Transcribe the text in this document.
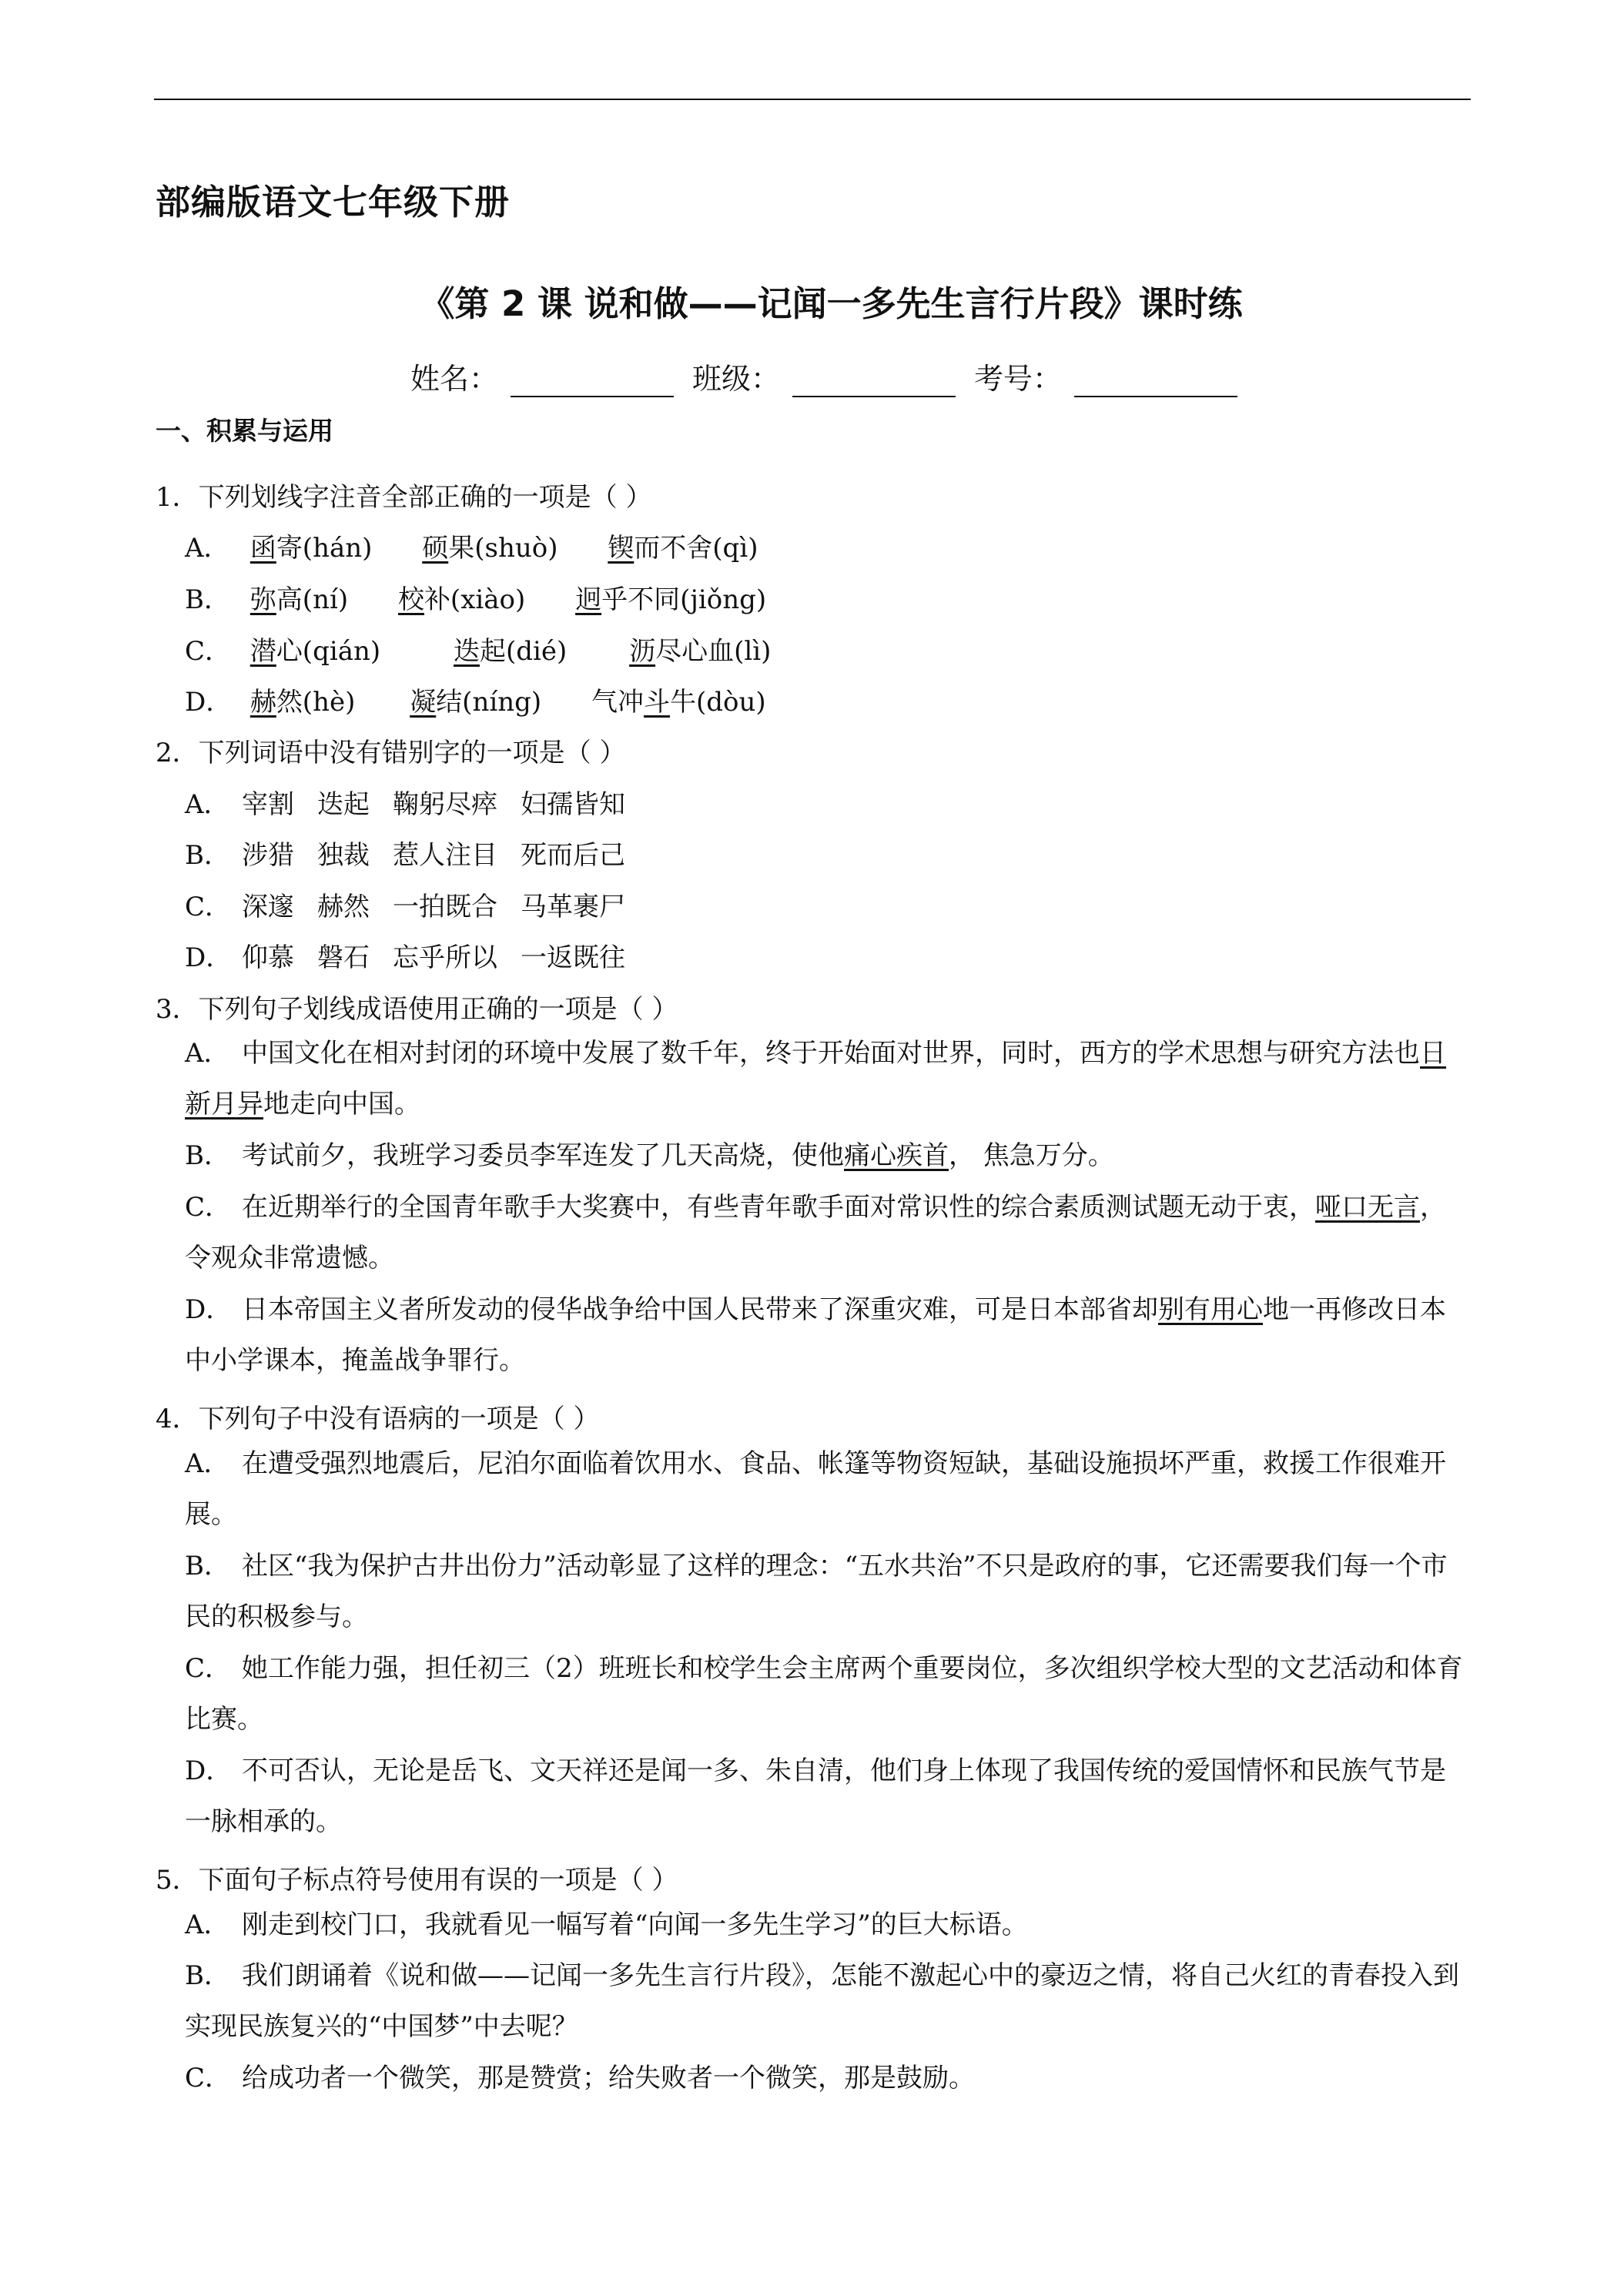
部编版语文七年级下册
《第 2 课 说和做——记闻一多先生言行片段》课时练
姓名：	班级：	考号：
一、积累与运用
1．下列划线字注音全部正确的一项是（ ）
A． 函寄(hán) 硕果(shuò) 锲而不舍(qì)
B． 弥高(ní) 校补(xiào) 迥乎不同(jiǒng)
C． 潜心(qián)	迭起(dié) 沥尽心血(lì)
D． 赫然(hè) 凝结(níng) 气冲斗牛(dòu)
2．下列词语中没有错别字的一项是（ ）
A． 宰割 迭起 鞠躬尽瘁 妇孺皆知
B． 涉猎 独裁 惹人注目 死而后己
C． 深邃 赫然 一拍既合 马革裹尸
D． 仰慕 磐石 忘乎所以 一返既往
3．下列句子划线成语使用正确的一项是（ ）
A． 中国文化在相对封闭的环境中发展了数千年，终于开始面对世界，同时，西方的学术思想与研究方法也日新月异地走向中国。
B． 考试前夕，我班学习委员李军连发了几天高烧，使他痛心疾首， 焦急万分。
C． 在近期举行的全国青年歌手大奖赛中，有些青年歌手面对常识性的综合素质测试题无动于衷，哑口无言， 令观众非常遗憾。
D． 日本帝国主义者所发动的侵华战争给中国人民带来了深重灾难，可是日本部省却别有用心地一再修改日本中小学课本，掩盖战争罪行。
4．下列句子中没有语病的一项是（ ）
A． 在遭受强烈地震后，尼泊尔面临着饮用水、食品、帐篷等物资短缺，基础设施损坏严重，救援工作很难开展。
B． 社区“我为保护古井出份力”活动彰显了这样的理念：“五水共治”不只是政府的事，它还需要我们每一个市民的积极参与。
C． 她工作能力强，担任初三（2）班班长和校学生会主席两个重要岗位，多次组织学校大型的文艺活动和体育比赛。
D． 不可否认，无论是岳飞、文天祥还是闻一多、朱自清，他们身上体现了我国传统的爱国情怀和民族气节是一脉相承的。
5．下面句子标点符号使用有误的一项是（ ）
A． 刚走到校门口，我就看见一幅写着“向闻一多先生学习”的巨大标语。
B． 我们朗诵着《说和做——记闻一多先生言行片段》，怎能不激起心中的豪迈之情，将自己火红的青春投入到实现民族复兴的“中国梦”中去呢？
C． 给成功者一个微笑，那是赞赏；给失败者一个微笑，那是鼓励。
